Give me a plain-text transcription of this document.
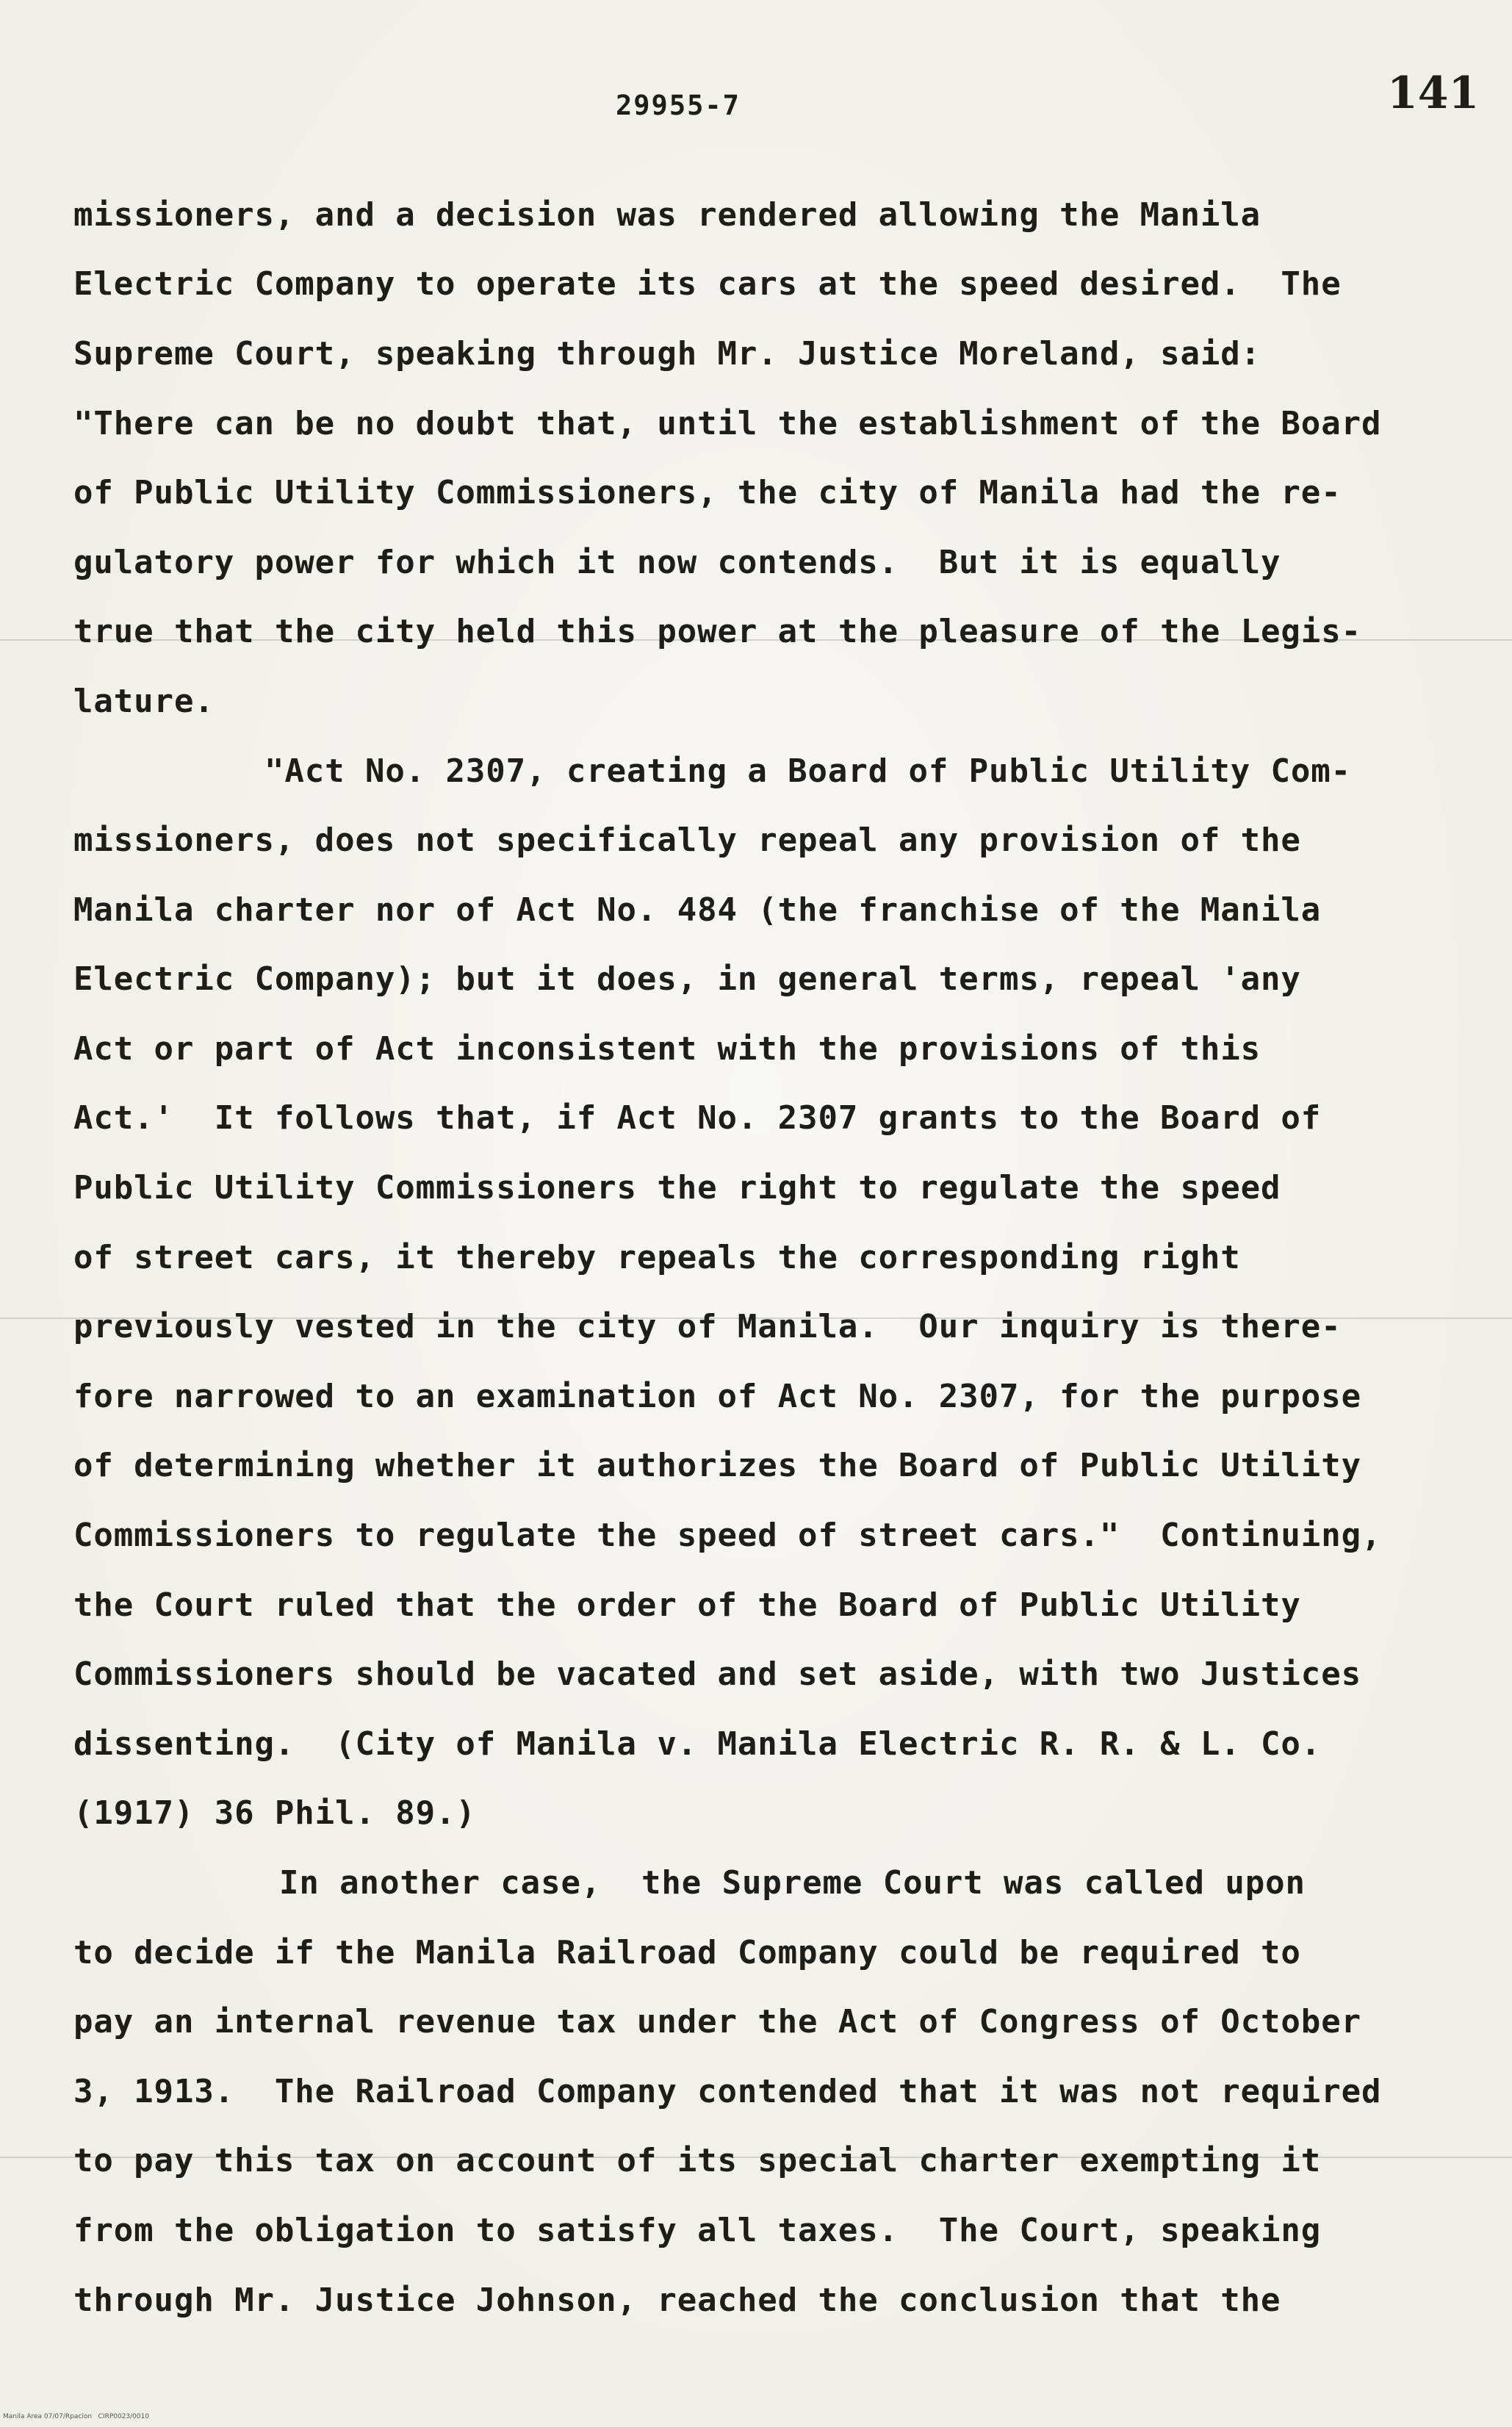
29955-7	141
missioners, and a decision was rendered allowing the Manila
Electric Company to operate its cars at the speed desired.  The
Supreme Court, speaking through Mr. Justice Moreland, said:
"There can be no doubt that, until the establishment of the Board
of Public Utility Commissioners, the city of Manila had the re-
gulatory power for which it now contends.  But it is equally
true that the city held this power at the pleasure of the Legis-
lature.
"Act No. 2307, creating a Board of Public Utility Com-
missioners, does not specifically repeal any provision of the
Manila charter nor of Act No. 484 (the franchise of the Manila
Electric Company); but it does, in general terms, repeal 'any
Act or part of Act inconsistent with the provisions of this
Act.'  It follows that, if Act No. 2307 grants to the Board of
Public Utility Commissioners the right to regulate the speed
of street cars, it thereby repeals the corresponding right
previously vested in the city of Manila.  Our inquiry is there-
fore narrowed to an examination of Act No. 2307, for the purpose
of determining whether it authorizes the Board of Public Utility
Commissioners to regulate the speed of street cars."  Continuing,
the Court ruled that the order of the Board of Public Utility
Commissioners should be vacated and set aside, with two Justices
dissenting.  (City of Manila v. Manila Electric R. R. & L. Co.
(1917) 36 Phil. 89.)
In another case,  the Supreme Court was called upon
to decide if the Manila Railroad Company could be required to
pay an internal revenue tax under the Act of Congress of October
3, 1913.  The Railroad Company contended that it was not required
to pay this tax on account of its special charter exempting it
from the obligation to satisfy all taxes.  The Court, speaking
through Mr. Justice Johnson, reached the conclusion that the
Manila Area 07/07/Rpacion   CIRP0023/0010
